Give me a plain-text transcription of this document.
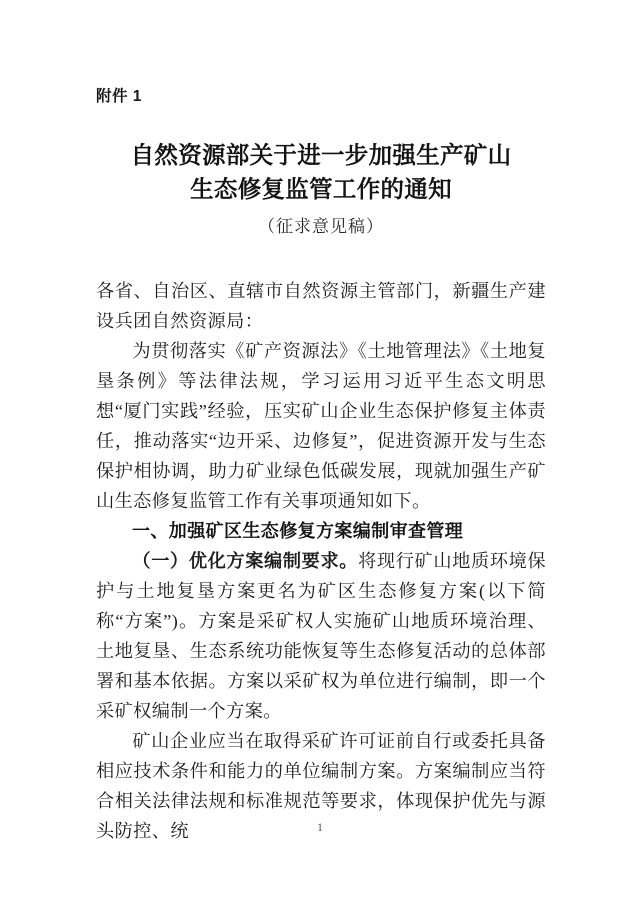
附件 1
自然资源部关于进一步加强生产矿山
生态修复监管工作的通知
（征求意见稿）

各省、自治区、直辖市自然资源主管部门，新疆生产建设兵团自然资源局：

为贯彻落实《矿产资源法》《土地管理法》《土地复垦条例》等法律法规，学习运用习近平生态文明思想“厦门实践”经验，压实矿山企业生态保护修复主体责任，推动落实“边开采、边修复”，促进资源开发与生态保护相协调，助力矿业绿色低碳发展，现就加强生产矿山生态修复监管工作有关事项通知如下。

一、加强矿区生态修复方案编制审查管理

（一）优化方案编制要求。将现行矿山地质环境保护与土地复垦方案更名为矿区生态修复方案(以下简称“方案”)。方案是采矿权人实施矿山地质环境治理、土地复垦、生态系统功能恢复等生态修复活动的总体部署和基本依据。方案以采矿权为单位进行编制，即一个采矿权编制一个方案。

矿山企业应当在取得采矿许可证前自行或委托具备相应技术条件和能力的单位编制方案。方案编制应当符合相关法律法规和标准规范等要求，体现保护优先与源头防控、统	1
